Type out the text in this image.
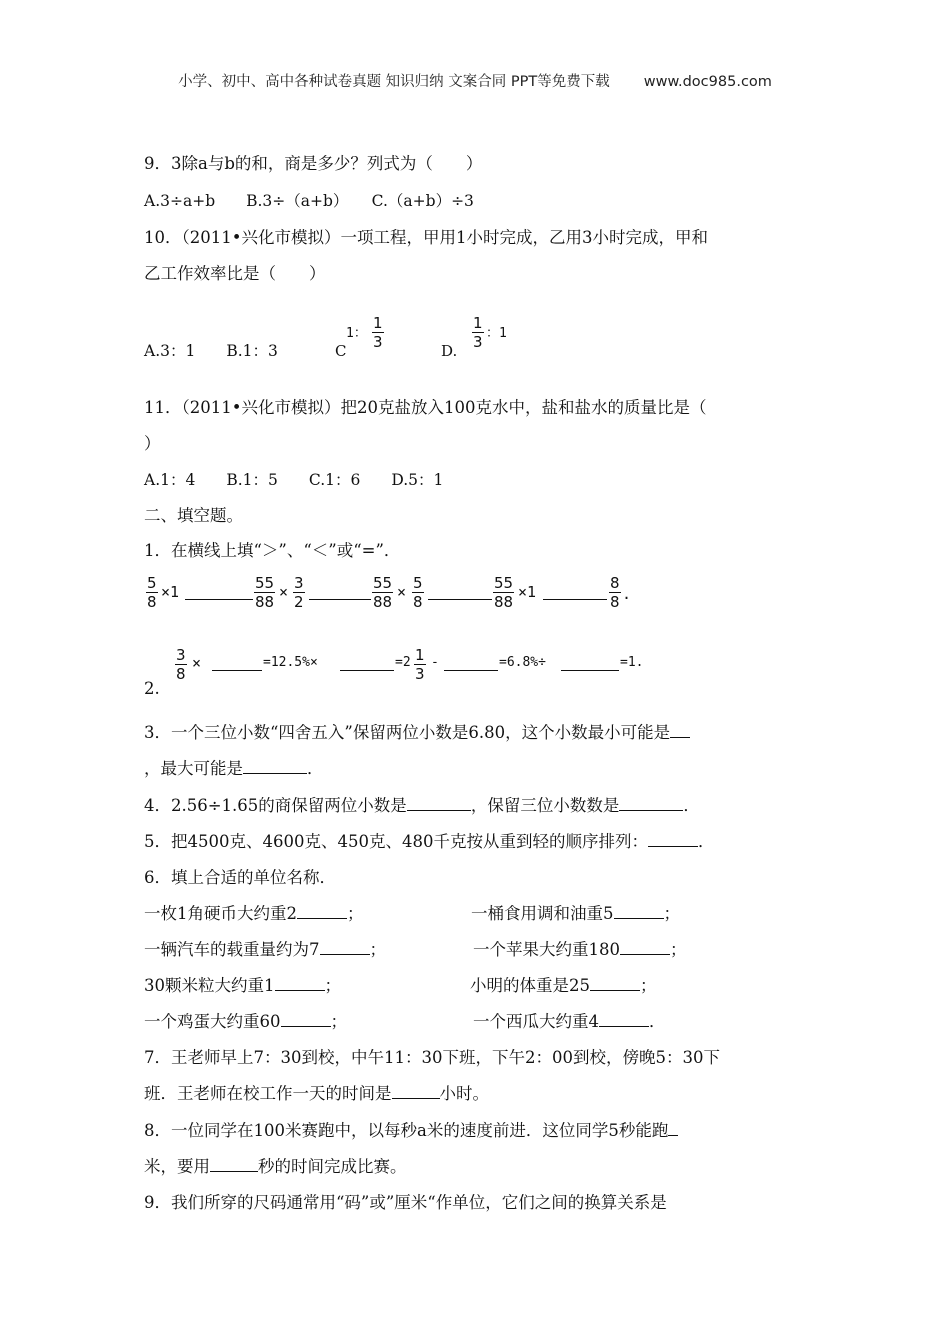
小学、初中、高中各种试卷真题 知识归纳 文案合同 PPT等免费下载 www.doc985.com
9．3除a与b的和，商是多少？列式为（　　）
A.3÷a+b　　B.3÷（a+b）　　C.（a+b）÷3
10．（2011•兴化市模拟）一项工程，甲用1小时完成，乙用3小时完成，甲和
乙工作效率比是（　　）
A.3：1　　B.1：3	C
1： $\frac{1}{3}$
D.
$\frac{1}{3}$ ：1
11．（2011•兴化市模拟）把20克盐放入100克水中，盐和盐水的质量比是（
）
A.1：4　　B.1：5　　C.1：6　　D.5：1
二、填空题。
1．在横线上填“＞”、“＜”或“=”．
$\frac{5}{8} \times 1$	$\frac{55}{88} \times \frac{3}{2}$	$\frac{55}{88} \times \frac{5}{8}$	$\frac{55}{88} \times 1$	$\frac{8}{8}$ .
$\frac{3}{8}$ ×	=12.5%×	$=2 \frac{1}{3}$ -	=6.8%÷	=1.
2.
3．一个三位小数“四舍五入”保留两位小数是6.80，这个小数最小可能是
，最大可能是	．
4．2.56÷1.65的商保留两位小数是	，保留三位小数数是	．
5．把4500克、4600克、450克、480千克按从重到轻的顺序排列：	．
6．填上合适的单位名称．
一枚1角硬币大约重2	；	一桶食用调和油重5	；
一辆汽车的载重量约为7	；	一个苹果大约重180	；
30颗米粒大约重1	；	小明的体重是25	；
一个鸡蛋大约重60	；	一个西瓜大约重4	．
7．王老师早上7：30到校，中午11：30下班，下午2：00到校，傍晚5：30下
班．王老师在校工作一天的时间是	小时。
8．一位同学在100米赛跑中，以每秒a米的速度前进．这位同学5秒能跑
米，要用	秒的时间完成比赛。
9．我们所穿的尺码通常用“码”或”厘米“作单位，它们之间的换算关系是
